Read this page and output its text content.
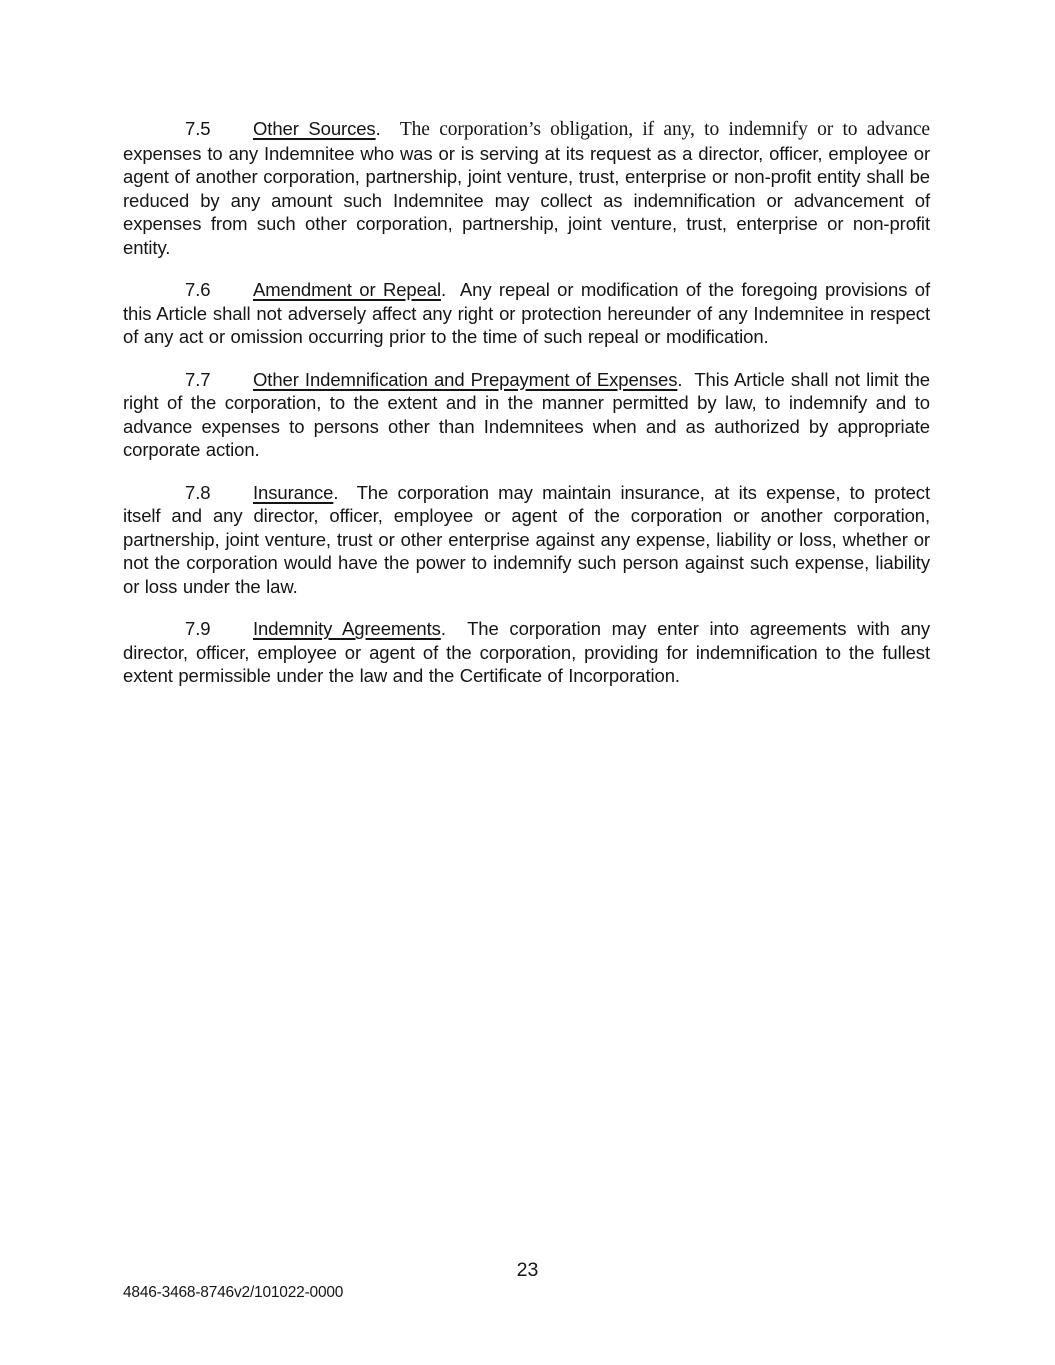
7.5 Other Sources.  The corporation’s obligation, if any, to indemnify or to advance expenses to any Indemnitee who was or is serving at its request as a director, officer, employee or agent of another corporation, partnership, joint venture, trust, enterprise or non-profit entity shall be reduced by any amount such Indemnitee may collect as indemnification or advancement of expenses from such other corporation, partnership, joint venture, trust, enterprise or non-profit entity.

7.6 Amendment or Repeal.  Any repeal or modification of the foregoing provisions of this Article shall not adversely affect any right or protection hereunder of any Indemnitee in respect of any act or omission occurring prior to the time of such repeal or modification.

7.7 Other Indemnification and Prepayment of Expenses.  This Article shall not limit the right of the corporation, to the extent and in the manner permitted by law, to indemnify and to advance expenses to persons other than Indemnitees when and as authorized by appropriate corporate action.

7.8 Insurance.  The corporation may maintain insurance, at its expense, to protect itself and any director, officer, employee or agent of the corporation or another corporation, partnership, joint venture, trust or other enterprise against any expense, liability or loss, whether or not the corporation would have the power to indemnify such person against such expense, liability or loss under the law.

7.9 Indemnity Agreements.  The corporation may enter into agreements with any director, officer, employee or agent of the corporation, providing for indemnification to the fullest extent permissible under the law and the Certificate of Incorporation.

23
4846-3468-8746v2/101022-0000
